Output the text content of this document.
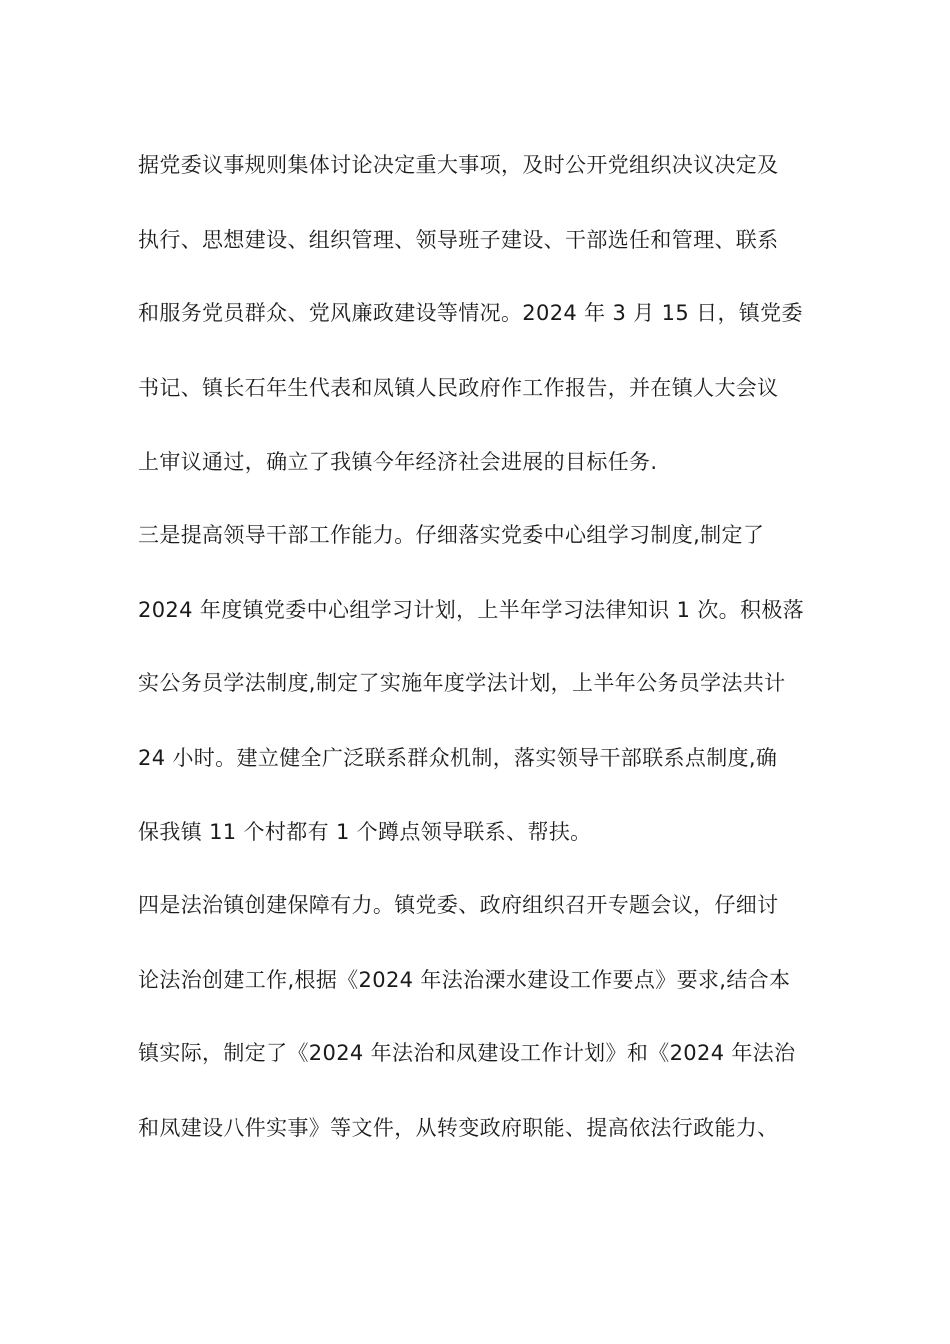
据党委议事规则集体讨论决定重大事项，及时公开党组织决议决定及
执行、思想建设、组织管理、领导班子建设、干部选任和管理、联系
和服务党员群众、党风廉政建设等情况。2024 年 3 月 15 日，镇党委
书记、镇长石年生代表和凤镇人民政府作工作报告，并在镇人大会议
上审议通过，确立了我镇今年经济社会进展的目标任务.
三是提高领导干部工作能力。仔细落实党委中心组学习制度,制定了
2024 年度镇党委中心组学习计划，上半年学习法律知识 1 次。积极落
实公务员学法制度,制定了实施年度学法计划，上半年公务员学法共计
24 小时。建立健全广泛联系群众机制，落实领导干部联系点制度,确
保我镇 11 个村都有 1 个蹲点领导联系、帮扶。
四是法治镇创建保障有力。镇党委、政府组织召开专题会议，仔细讨
论法治创建工作,根据《2024 年法治溧水建设工作要点》要求,结合本
镇实际，制定了《2024 年法治和凤建设工作计划》和《2024 年法治
和凤建设八件实事》等文件，从转变政府职能、提高依法行政能力、
